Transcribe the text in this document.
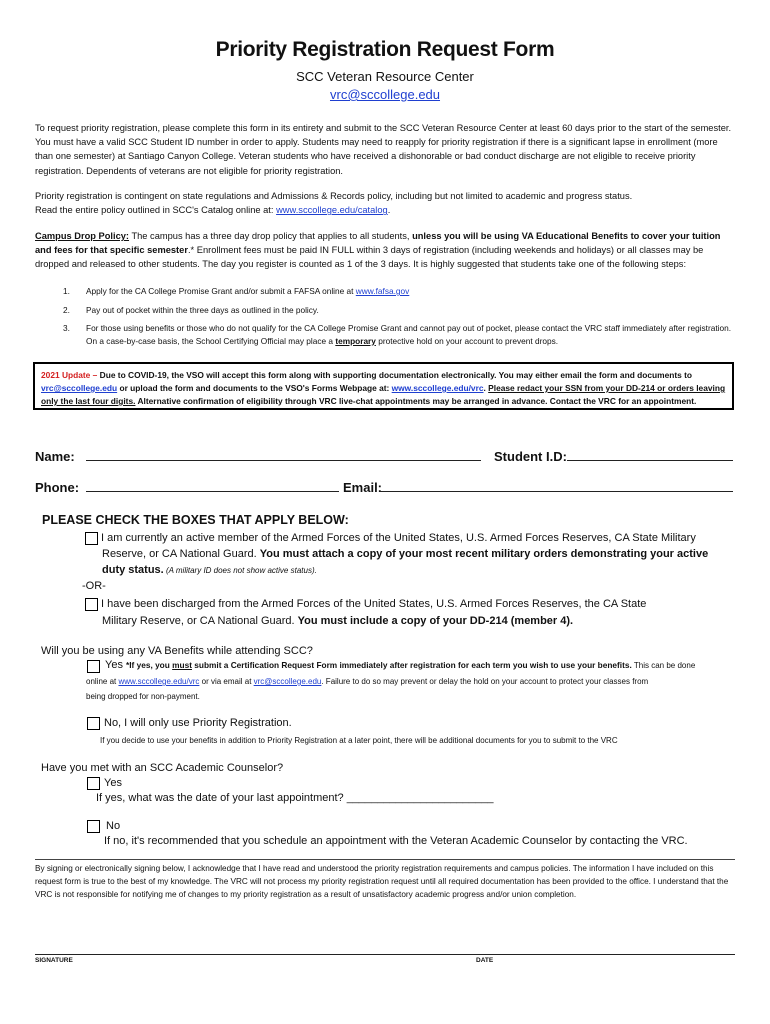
Priority Registration Request Form
SCC Veteran Resource Center
vrc@sccollege.edu
To request priority registration, please complete this form in its entirety and submit to the SCC Veteran Resource Center at least 60 days prior to the start of the semester. You must have a valid SCC Student ID number in order to apply. Students may need to reapply for priority registration if there is a significant lapse in enrollment (more than one semester) at Santiago Canyon College. Veteran students who have received a dishonorable or bad conduct discharge are not eligible to receive priority registration. Dependents of veterans are not eligible for priority registration.
Priority registration is contingent on state regulations and Admissions & Records policy, including but not limited to academic and progress status.
Read the entire policy outlined in SCC's Catalog online at: www.sccollege.edu/catalog.
Campus Drop Policy: The campus has a three day drop policy that applies to all students, unless you will be using VA Educational Benefits to cover your tuition and fees for that specific semester.* Enrollment fees must be paid IN FULL within 3 days of registration (including weekends and holidays) or all classes may be dropped and released to other students. The day you register is counted as 1 of the 3 days. It is highly suggested that students take one of the following steps:
1. Apply for the CA College Promise Grant and/or submit a FAFSA online at www.fafsa.gov
2. Pay out of pocket within the three days as outlined in the policy.
3. For those using benefits or those who do not qualify for the CA College Promise Grant and cannot pay out of pocket, please contact the VRC staff immediately after registration. On a case-by-case basis, the School Certifying Official may place a temporary protective hold on your account to prevent drops.
2021 Update – Due to COVID-19, the VSO will accept this form along with supporting documentation electronically. You may either email the form and documents to vrc@sccollege.edu or upload the form and documents to the VSO's Forms Webpage at: www.sccollege.edu/vrc. Please redact your SSN from your DD-214 or orders leaving only the last four digits. Alternative confirmation of eligibility through VRC live-chat appointments may be arranged in advance. Contact the VRC for an appointment.
Name:	Student I.D:
Phone:	Email:
PLEASE CHECK THE BOXES THAT APPLY BELOW:
I am currently an active member of the Armed Forces of the United States, U.S. Armed Forces Reserves, CA State Military
Reserve, or CA National Guard. You must attach a copy of your most recent military orders demonstrating your active
duty status. (A military ID does not show active status).
-OR-
I have been discharged from the Armed Forces of the United States, U.S. Armed Forces Reserves, the CA State
Military Reserve, or CA National Guard. You must include a copy of your DD-214 (member 4).
Will you be using any VA Benefits while attending SCC?
Yes *If yes, you must submit a Certification Request Form immediately after registration for each term you wish to use your benefits. This can be done
online at www.sccollege.edu/vrc or via email at vrc@sccollege.edu. Failure to do so may prevent or delay the hold on your account to protect your classes from
being dropped for non-payment.
No, I will only use Priority Registration.
If you decide to use your benefits in addition to Priority Registration at a later point, there will be additional documents for you to submit to the VRC
Have you met with an SCC Academic Counselor?
Yes
If yes, what was the date of your last appointment? ________________________
No
If no, it's recommended that you schedule an appointment with the Veteran Academic Counselor by contacting the VRC.
By signing or electronically signing below, I acknowledge that I have read and understood the priority registration requirements and campus policies. The information I have included on this request form is true to the best of my knowledge. The VRC will not process my priority registration request until all required documentation has been provided to the office. I understand that the VRC is not responsible for notifying me of changes to my priority registration as a result of unsatisfactory academic progress and/or union completion.
SIGNATURE	DATE
